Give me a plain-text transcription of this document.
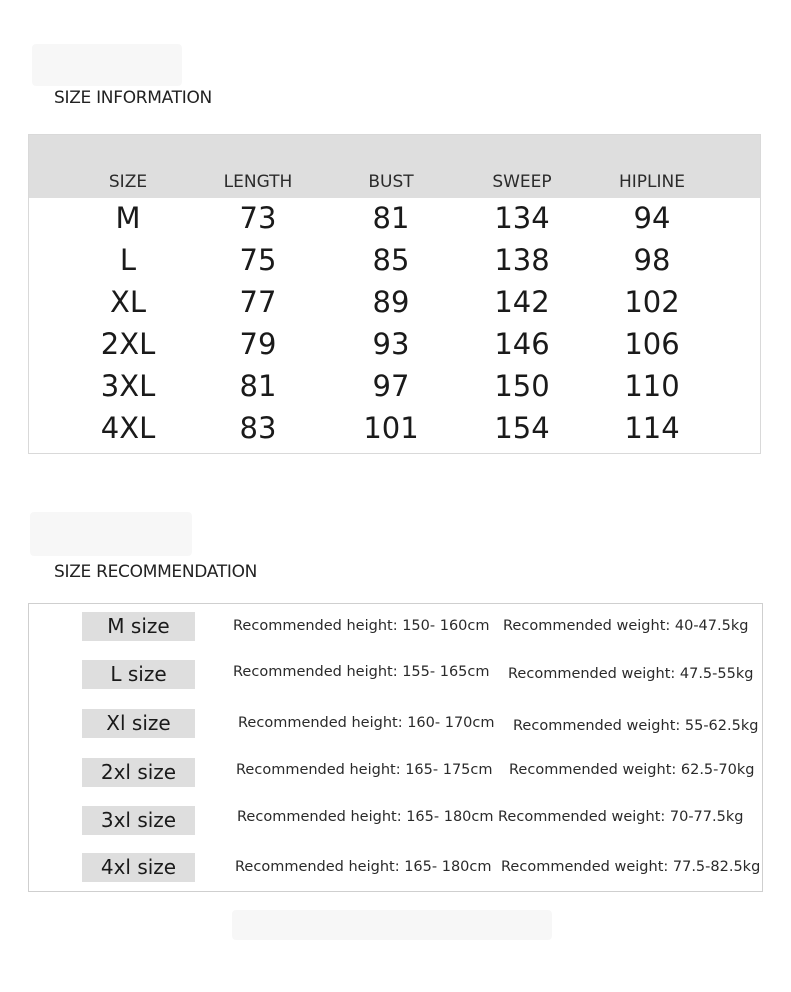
SIZE INFORMATION
SIZE	LENGTH	BUST	SWEEP	HIPLINE
M	73	81	134	94
L	75	85	138	98
XL	77	89	142	102
2XL	79	93	146	106
3XL	81	97	150	110
4XL	83	101	154	114
SIZE RECOMMENDATION
M size	Recommended height: 150- 160cm Recommended weight: 40-47.5kg
L size	Recommended height: 155- 165cm Recommended weight: 47.5-55kg
Xl size	Recommended height: 160- 170cm Recommended weight: 55-62.5kg
2xl size	Recommended height: 165- 175cm Recommended weight: 62.5-70kg
3xl size	Recommended height: 165- 180cm Recommended weight: 70-77.5kg
4xl size	Recommended height: 165- 180cm Recommended weight: 77.5-82.5kg
